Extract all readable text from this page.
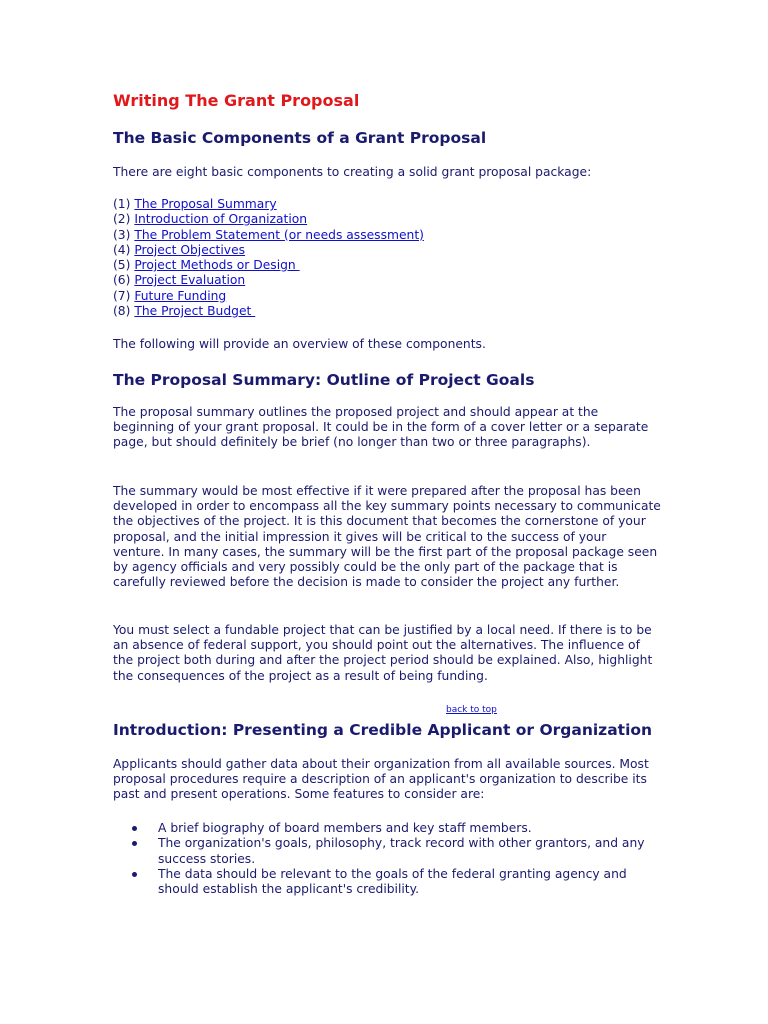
Writing The Grant Proposal
The Basic Components of a Grant Proposal

There are eight basic components to creating a solid grant proposal package:

(1) The Proposal Summary
(2) Introduction of Organization
(3) The Problem Statement (or needs assessment)
(4) Project Objectives
(5) Project Methods or Design
(6) Project Evaluation
(7) Future Funding
(8) The Project Budget

The following will provide an overview of these components.

The Proposal Summary: Outline of Project Goals

The proposal summary outlines the proposed project and should appear at the beginning of your grant proposal. It could be in the form of a cover letter or a separate page, but should definitely be brief (no longer than two or three paragraphs).

The summary would be most effective if it were prepared after the proposal has been developed in order to encompass all the key summary points necessary to communicate the objectives of the project. It is this document that becomes the cornerstone of your proposal, and the initial impression it gives will be critical to the success of your venture. In many cases, the summary will be the first part of the proposal package seen by agency officials and very possibly could be the only part of the package that is carefully reviewed before the decision is made to consider the project any further.

You must select a fundable project that can be justified by a local need. If there is to be an absence of federal support, you should point out the alternatives. The influence of the project both during and after the project period should be explained. Also, highlight the consequences of the project as a result of being funding.

back to top
Introduction: Presenting a Credible Applicant or Organization

Applicants should gather data about their organization from all available sources. Most proposal procedures require a description of an applicant's organization to describe its past and present operations. Some features to consider are:

A brief biography of board members and key staff members.
The organization's goals, philosophy, track record with other grantors, and any success stories.
The data should be relevant to the goals of the federal granting agency and should establish the applicant's credibility.
